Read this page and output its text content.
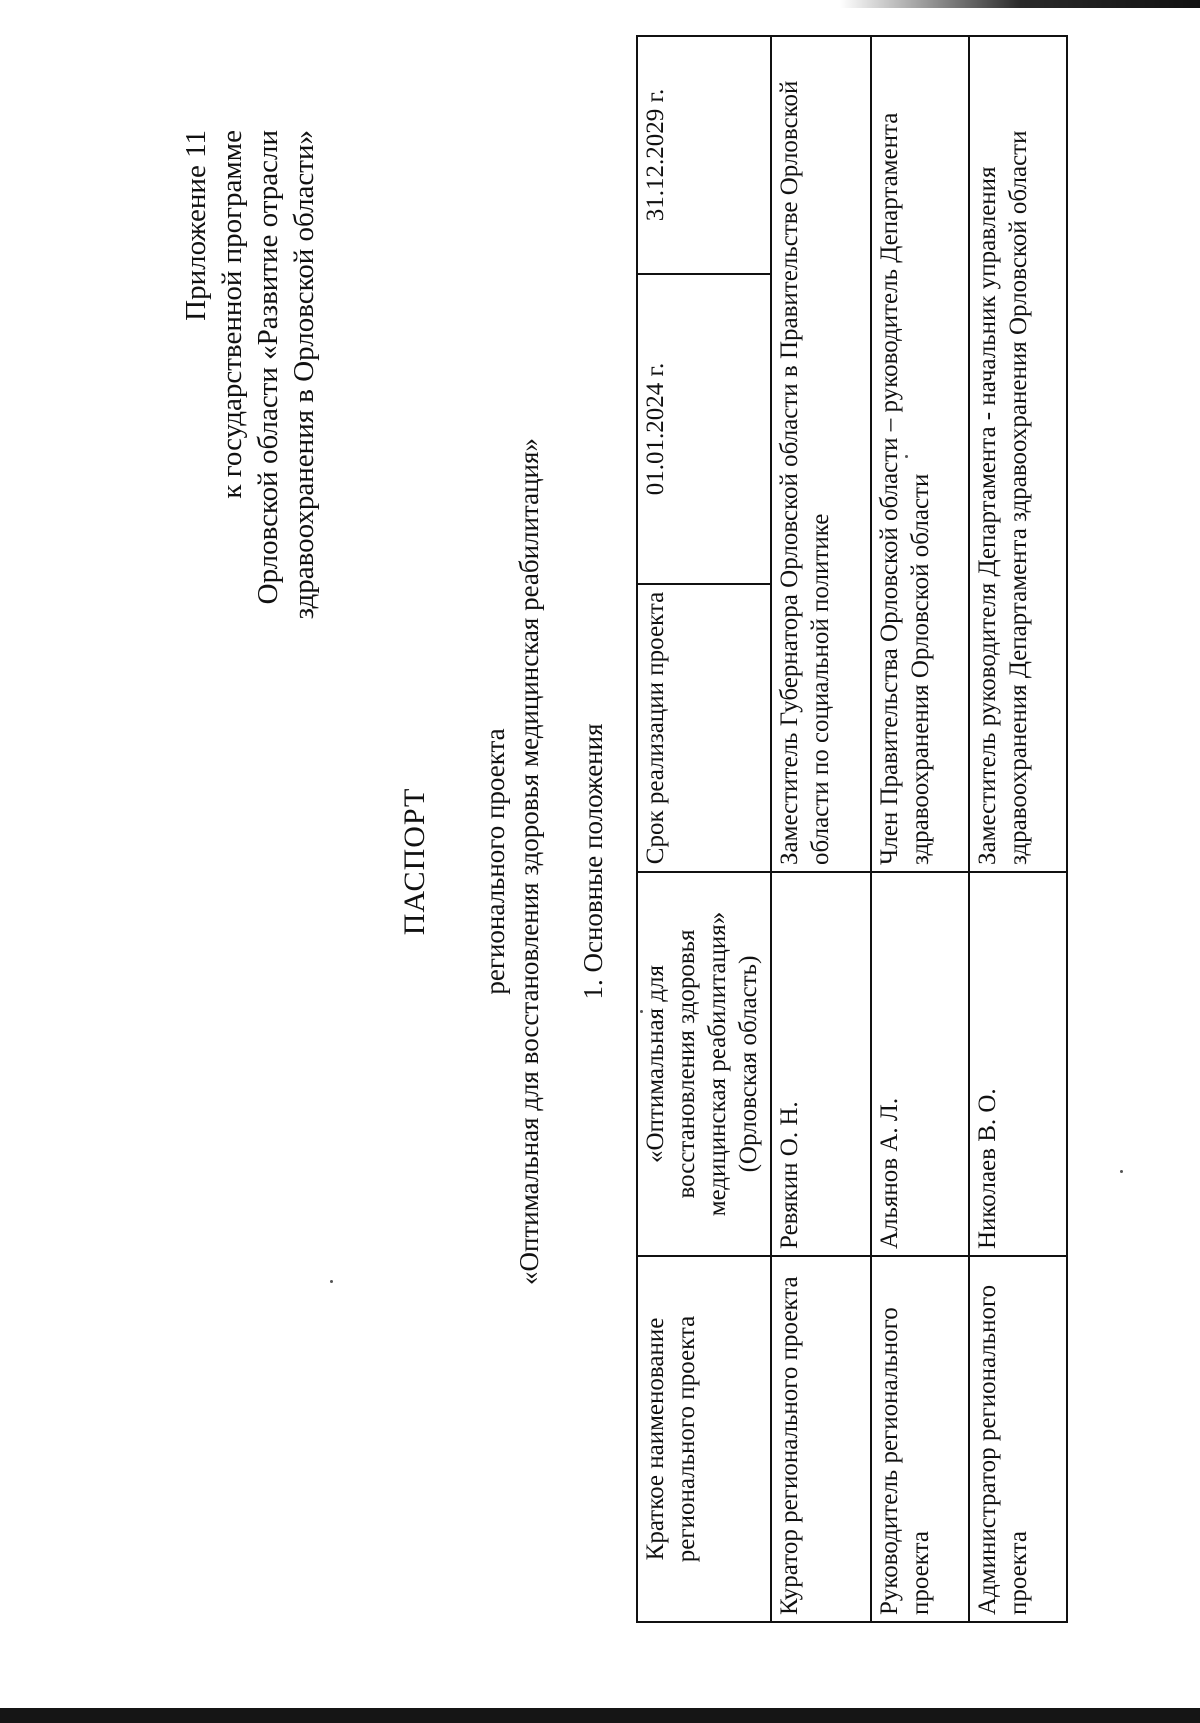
Приложение 11 к государственной программе Орловской области «Развитие отрасли здравоохранения в Орловской области»
ПАСПОРТ регионального проекта «Оптимальная для восстановления здоровья медицинская реабилитация» 1. Основные положения
Краткое наименование регионального проекта	«Оптимальная для восстановления здоровья медицинская реабилитация» (Орловская область)	Срок реализации проекта	01.01.2024 г.	31.12.2029 г.
Куратор регионального проекта	Ревякин О. Н.	Заместитель Губернатора Орловской области в Правительстве Орловской области по социальной политике		
Руководитель регионального проекта	Альянов А. Л.	Член Правительства Орловской области – руководитель Департамента здравоохранения Орловской области		
Администратор регионального проекта	Николаев В. О.	Заместитель руководителя Департамента - начальник управления здравоохранения Департамента здравоохранения Орловской области		
